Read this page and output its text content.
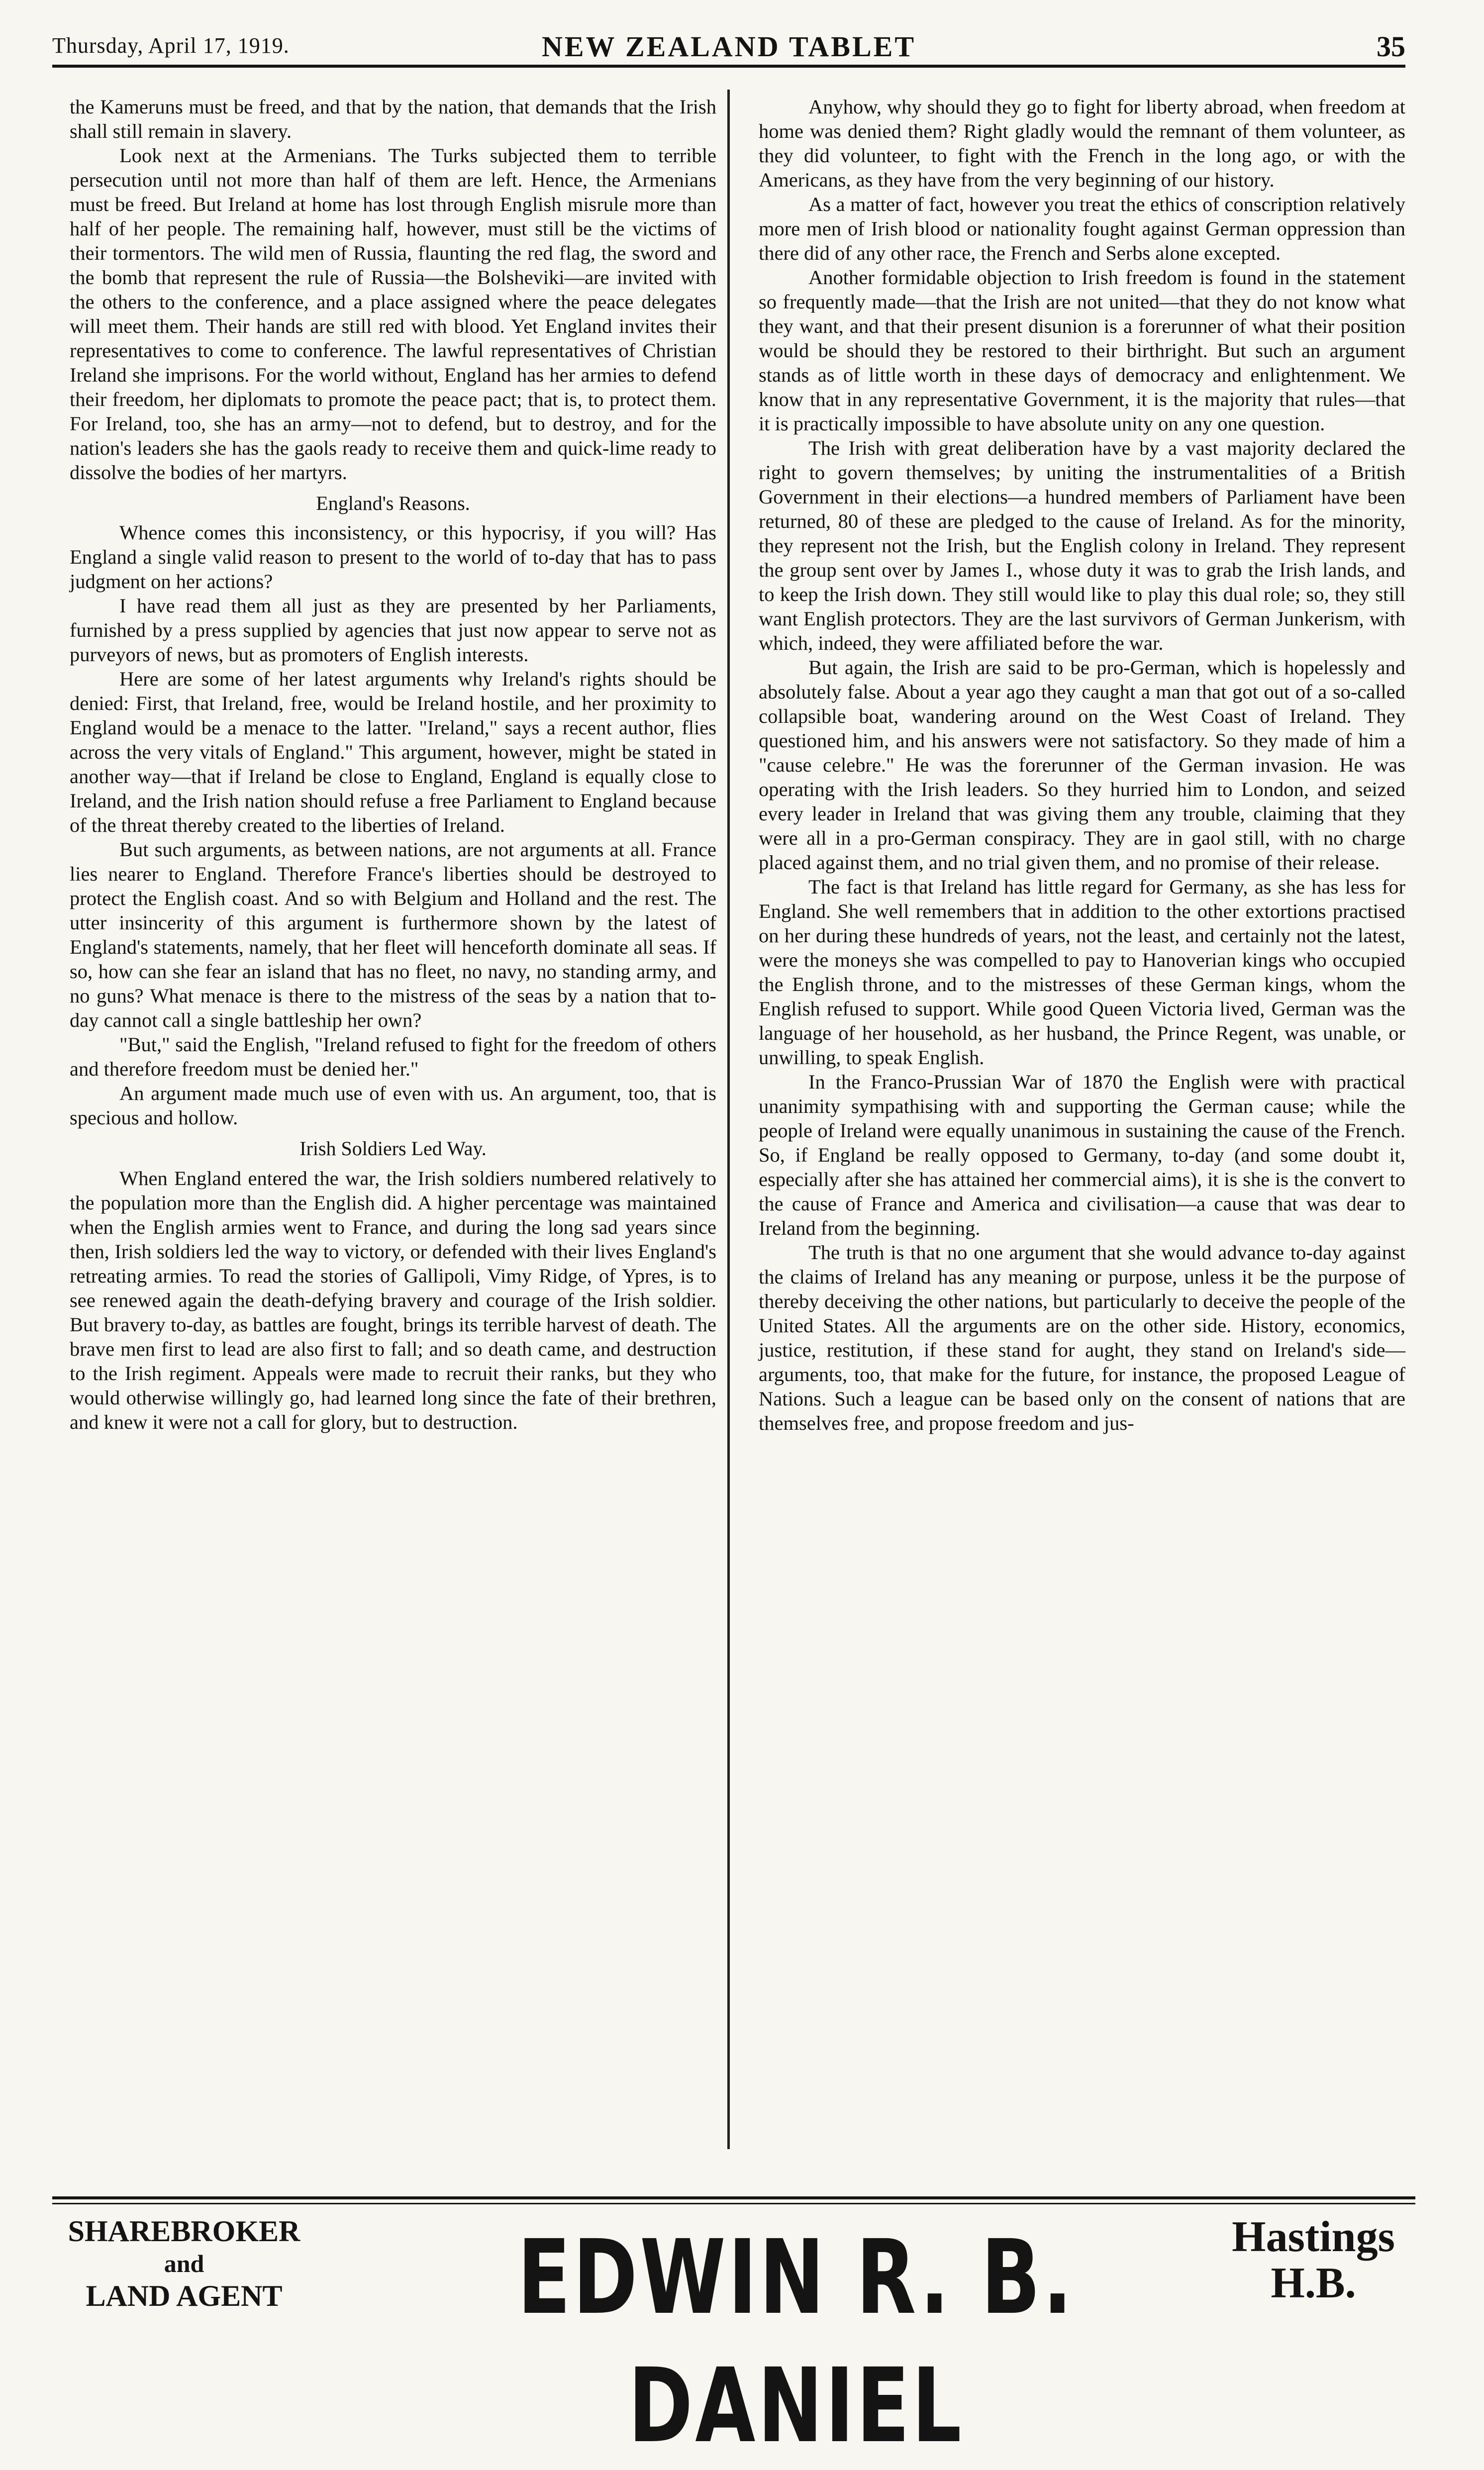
Thursday, April 17, 1919.	NEW ZEALAND TABLET	35

the Kameruns must be freed, and that by the nation, that demands that the Irish shall still remain in slavery.

Look next at the Armenians. The Turks subjected them to terrible persecution until not more than half of them are left. Hence, the Armenians must be freed. But Ireland at home has lost through English misrule more than half of her people. The remaining half, however, must still be the victims of their tormentors. The wild men of Russia, flaunting the red flag, the sword and the bomb that represent the rule of Russia—the Bolsheviki—are invited with the others to the conference, and a place assigned where the peace delegates will meet them. Their hands are still red with blood. Yet England invites their representatives to come to conference. The lawful representatives of Christian Ireland she imprisons. For the world without, England has her armies to defend their freedom, her diplomats to promote the peace pact; that is, to protect them. For Ireland, too, she has an army—not to defend, but to destroy, and for the nation's leaders she has the gaols ready to receive them and quick-lime ready to dissolve the bodies of her martyrs.

England's Reasons.

Whence comes this inconsistency, or this hypocrisy, if you will? Has England a single valid reason to present to the world of to-day that has to pass judgment on her actions?

I have read them all just as they are presented by her Parliaments, furnished by a press supplied by agencies that just now appear to serve not as purveyors of news, but as promoters of English interests.

Here are some of her latest arguments why Ireland's rights should be denied: First, that Ireland, free, would be Ireland hostile, and her proximity to England would be a menace to the latter. "Ireland," says a recent author, flies across the very vitals of England." This argument, however, might be stated in another way—that if Ireland be close to England, England is equally close to Ireland, and the Irish nation should refuse a free Parliament to England because of the threat thereby created to the liberties of Ireland.

But such arguments, as between nations, are not arguments at all. France lies nearer to England. Therefore France's liberties should be destroyed to protect the English coast. And so with Belgium and Holland and the rest. The utter insincerity of this argument is furthermore shown by the latest of England's statements, namely, that her fleet will henceforth dominate all seas. If so, how can she fear an island that has no fleet, no navy, no standing army, and no guns? What menace is there to the mistress of the seas by a nation that to-day cannot call a single battleship her own?

"But," said the English, "Ireland refused to fight for the freedom of others and therefore freedom must be denied her."

An argument made much use of even with us. An argument, too, that is specious and hollow.

Irish Soldiers Led Way.

When England entered the war, the Irish soldiers numbered relatively to the population more than the English did. A higher percentage was maintained when the English armies went to France, and during the long sad years since then, Irish soldiers led the way to victory, or defended with their lives England's retreating armies. To read the stories of Gallipoli, Vimy Ridge, of Ypres, is to see renewed again the death-defying bravery and courage of the Irish soldier. But bravery to-day, as battles are fought, brings its terrible harvest of death. The brave men first to lead are also first to fall; and so death came, and destruction to the Irish regiment. Appeals were made to recruit their ranks, but they who would otherwise willingly go, had learned long since the fate of their brethren, and knew it were not a call for glory, but to destruction.

Anyhow, why should they go to fight for liberty abroad, when freedom at home was denied them? Right gladly would the remnant of them volunteer, as they did volunteer, to fight with the French in the long ago, or with the Americans, as they have from the very beginning of our history.

As a matter of fact, however you treat the ethics of conscription relatively more men of Irish blood or nationality fought against German oppression than there did of any other race, the French and Serbs alone excepted.

Another formidable objection to Irish freedom is found in the statement so frequently made—that the Irish are not united—that they do not know what they want, and that their present disunion is a forerunner of what their position would be should they be restored to their birthright. But such an argument stands as of little worth in these days of democracy and enlightenment. We know that in any representative Government, it is the majority that rules—that it is practically impossible to have absolute unity on any one question.

The Irish with great deliberation have by a vast majority declared the right to govern themselves; by uniting the instrumentalities of a British Government in their elections—a hundred members of Parliament have been returned, 80 of these are pledged to the cause of Ireland. As for the minority, they represent not the Irish, but the English colony in Ireland. They represent the group sent over by James I., whose duty it was to grab the Irish lands, and to keep the Irish down. They still would like to play this dual role; so, they still want English protectors. They are the last survivors of German Junkerism, with which, indeed, they were affiliated before the war.

But again, the Irish are said to be pro-German, which is hopelessly and absolutely false. About a year ago they caught a man that got out of a so-called collapsible boat, wandering around on the West Coast of Ireland. They questioned him, and his answers were not satisfactory. So they made of him a "cause celebre." He was the forerunner of the German invasion. He was operating with the Irish leaders. So they hurried him to London, and seized every leader in Ireland that was giving them any trouble, claiming that they were all in a pro-German conspiracy. They are in gaol still, with no charge placed against them, and no trial given them, and no promise of their release.

The fact is that Ireland has little regard for Germany, as she has less for England. She well remembers that in addition to the other extortions practised on her during these hundreds of years, not the least, and certainly not the latest, were the moneys she was compelled to pay to Hanoverian kings who occupied the English throne, and to the mistresses of these German kings, whom the English refused to support. While good Queen Victoria lived, German was the language of her household, as her husband, the Prince Regent, was unable, or unwilling, to speak English.

In the Franco-Prussian War of 1870 the English were with practical unanimity sympathising with and supporting the German cause; while the people of Ireland were equally unanimous in sustaining the cause of the French. So, if England be really opposed to Germany, to-day (and some doubt it, especially after she has attained her commercial aims), it is she is the convert to the cause of France and America and civilisation—a cause that was dear to Ireland from the beginning.

The truth is that no one argument that she would advance to-day against the claims of Ireland has any meaning or purpose, unless it be the purpose of thereby deceiving the other nations, but particularly to deceive the people of the United States. All the arguments are on the other side. History, economics, justice, restitution, if these stand for aught, they stand on Ireland's side—arguments, too, that make for the future, for instance, the proposed League of Nations. Such a league can be based only on the consent of nations that are themselves free, and propose freedom and jus-

SHAREBROKER
and
LAND AGENT	EDWIN R. B. DANIEL
Hastings
H.B.
